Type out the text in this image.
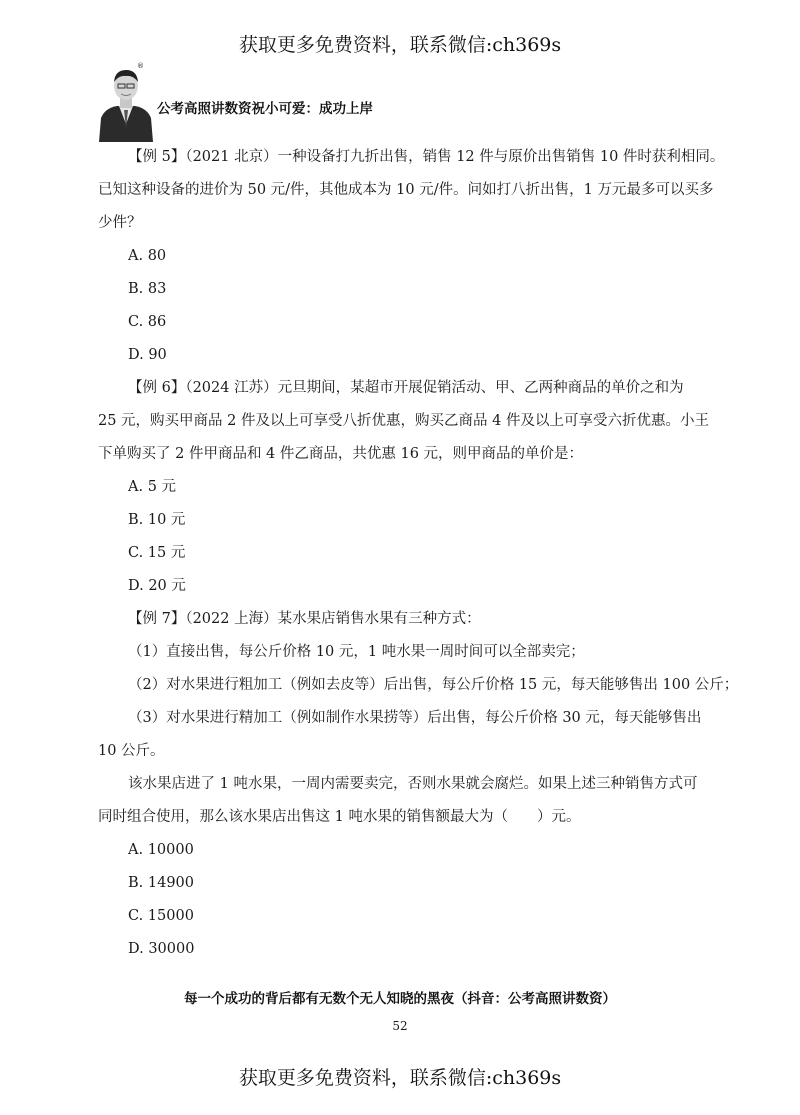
获取更多免费资料，联系微信:ch369s
®
公考高照讲数资祝小可爱：成功上岸

【例 5】（2021 北京）一种设备打九折出售，销售 12 件与原价出售销售 10 件时获利相同。
已知这种设备的进价为 50 元/件，其他成本为 10 元/件。问如打八折出售，1 万元最多可以买多
少件？

A. 80

B. 83

C. 86

D. 90

【例 6】（2024 江苏）元旦期间，某超市开展促销活动、甲、乙两种商品的单价之和为
25 元，购买甲商品 2 件及以上可享受八折优惠，购买乙商品 4 件及以上可享受六折优惠。小王
下单购买了 2 件甲商品和 4 件乙商品，共优惠 16 元，则甲商品的单价是：

A. 5 元

B. 10 元

C. 15 元

D. 20 元

【例 7】（2022 上海）某水果店销售水果有三种方式：
（1）直接出售，每公斤价格 10 元，1 吨水果一周时间可以全部卖完；
（2）对水果进行粗加工（例如去皮等）后出售，每公斤价格 15 元，每天能够售出 100 公斤；
（3）对水果进行精加工（例如制作水果捞等）后出售，每公斤价格 30 元，每天能够售出
10 公斤。
该水果店进了 1 吨水果，一周内需要卖完，否则水果就会腐烂。如果上述三种销售方式可
同时组合使用，那么该水果店出售这 1 吨水果的销售额最大为（　　）元。

A. 10000

B. 14900

C. 15000

D. 30000

每一个成功的背后都有无数个无人知晓的黑夜（抖音：公考高照讲数资）
52
获取更多免费资料，联系微信:ch369s
